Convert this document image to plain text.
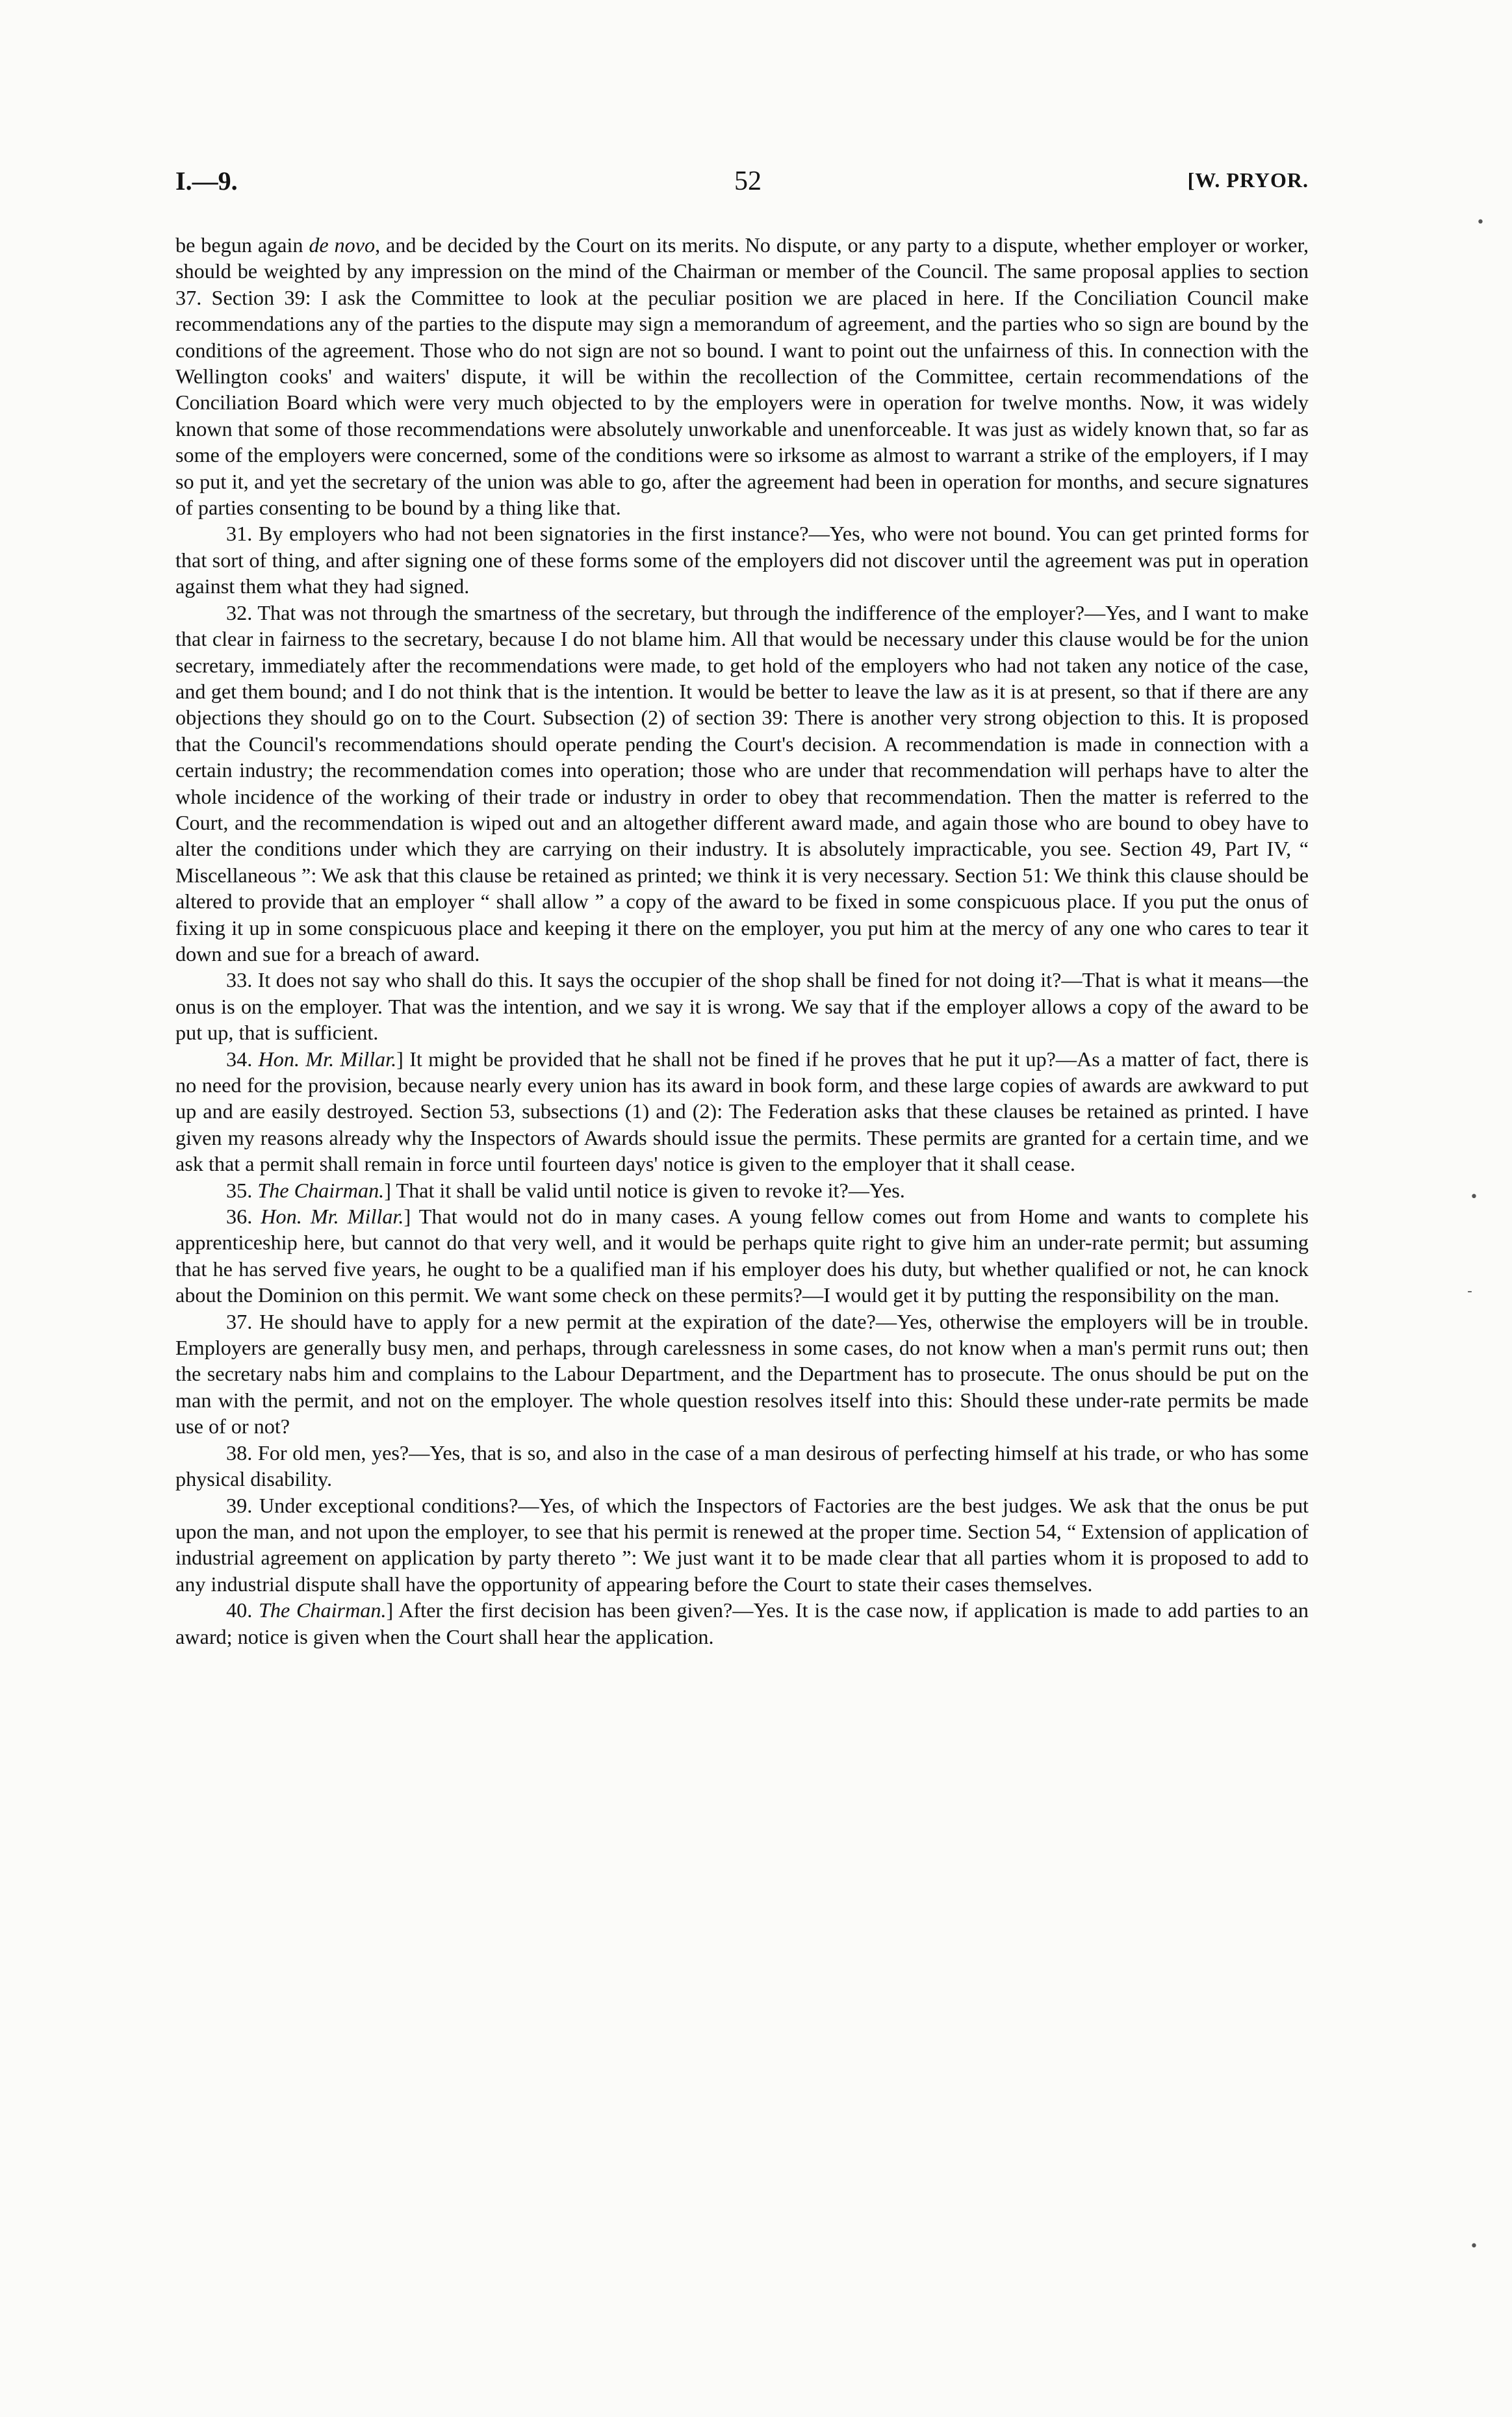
I.—9.	52	[W. PRYOR.

be begun again de novo, and be decided by the Court on its merits. No dispute, or any party to a dispute, whether employer or worker, should be weighted by any impression on the mind of the Chairman or member of the Council. The same proposal applies to section 37. Section 39: I ask the Committee to look at the peculiar position we are placed in here. If the Conciliation Council make recommendations any of the parties to the dispute may sign a memorandum of agreement, and the parties who so sign are bound by the conditions of the agreement. Those who do not sign are not so bound. I want to point out the unfairness of this. In connection with the Wellington cooks' and waiters' dispute, it will be within the recollection of the Committee, certain recommendations of the Conciliation Board which were very much objected to by the employers were in operation for twelve months. Now, it was widely known that some of those recommendations were absolutely unworkable and unenforceable. It was just as widely known that, so far as some of the employers were concerned, some of the conditions were so irksome as almost to warrant a strike of the employers, if I may so put it, and yet the secretary of the union was able to go, after the agreement had been in operation for months, and secure signatures of parties consenting to be bound by a thing like that.

31. By employers who had not been signatories in the first instance?—Yes, who were not bound. You can get printed forms for that sort of thing, and after signing one of these forms some of the employers did not discover until the agreement was put in operation against them what they had signed.

32. That was not through the smartness of the secretary, but through the indifference of the employer?—Yes, and I want to make that clear in fairness to the secretary, because I do not blame him. All that would be necessary under this clause would be for the union secretary, immediately after the recommendations were made, to get hold of the employers who had not taken any notice of the case, and get them bound; and I do not think that is the intention. It would be better to leave the law as it is at present, so that if there are any objections they should go on to the Court. Subsection (2) of section 39: There is another very strong objection to this. It is proposed that the Council's recommendations should operate pending the Court's decision. A recommendation is made in connection with a certain industry; the recommendation comes into operation; those who are under that recommendation will perhaps have to alter the whole incidence of the working of their trade or industry in order to obey that recommendation. Then the matter is referred to the Court, and the recommendation is wiped out and an altogether different award made, and again those who are bound to obey have to alter the conditions under which they are carrying on their industry. It is absolutely impracticable, you see. Section 49, Part IV, “ Miscellaneous ”: We ask that this clause be retained as printed; we think it is very necessary. Section 51: We think this clause should be altered to provide that an employer “ shall allow ” a copy of the award to be fixed in some conspicuous place. If you put the onus of fixing it up in some conspicuous place and keeping it there on the employer, you put him at the mercy of any one who cares to tear it down and sue for a breach of award.

33. It does not say who shall do this. It says the occupier of the shop shall be fined for not doing it?—That is what it means—the onus is on the employer. That was the intention, and we say it is wrong. We say that if the employer allows a copy of the award to be put up, that is sufficient.

34. Hon. Mr. Millar.] It might be provided that he shall not be fined if he proves that he put it up?—As a matter of fact, there is no need for the provision, because nearly every union has its award in book form, and these large copies of awards are awkward to put up and are easily destroyed. Section 53, subsections (1) and (2): The Federation asks that these clauses be retained as printed. I have given my reasons already why the Inspectors of Awards should issue the permits. These permits are granted for a certain time, and we ask that a permit shall remain in force until fourteen days' notice is given to the employer that it shall cease.

35. The Chairman.] That it shall be valid until notice is given to revoke it?—Yes.

36. Hon. Mr. Millar.] That would not do in many cases. A young fellow comes out from Home and wants to complete his apprenticeship here, but cannot do that very well, and it would be perhaps quite right to give him an under-rate permit; but assuming that he has served five years, he ought to be a qualified man if his employer does his duty, but whether qualified or not, he can knock about the Dominion on this permit. We want some check on these permits?—I would get it by putting the responsibility on the man.

37. He should have to apply for a new permit at the expiration of the date?—Yes, otherwise the employers will be in trouble. Employers are generally busy men, and perhaps, through carelessness in some cases, do not know when a man's permit runs out; then the secretary nabs him and complains to the Labour Department, and the Department has to prosecute. The onus should be put on the man with the permit, and not on the employer. The whole question resolves itself into this: Should these under-rate permits be made use of or not?

38. For old men, yes?—Yes, that is so, and also in the case of a man desirous of perfecting himself at his trade, or who has some physical disability.

39. Under exceptional conditions?—Yes, of which the Inspectors of Factories are the best judges. We ask that the onus be put upon the man, and not upon the employer, to see that his permit is renewed at the proper time. Section 54, “ Extension of application of industrial agreement on application by party thereto ”: We just want it to be made clear that all parties whom it is proposed to add to any industrial dispute shall have the opportunity of appearing before the Court to state their cases themselves.

40. The Chairman.] After the first decision has been given?—Yes. It is the case now, if application is made to add parties to an award; notice is given when the Court shall hear the application.

•
•
-
•
